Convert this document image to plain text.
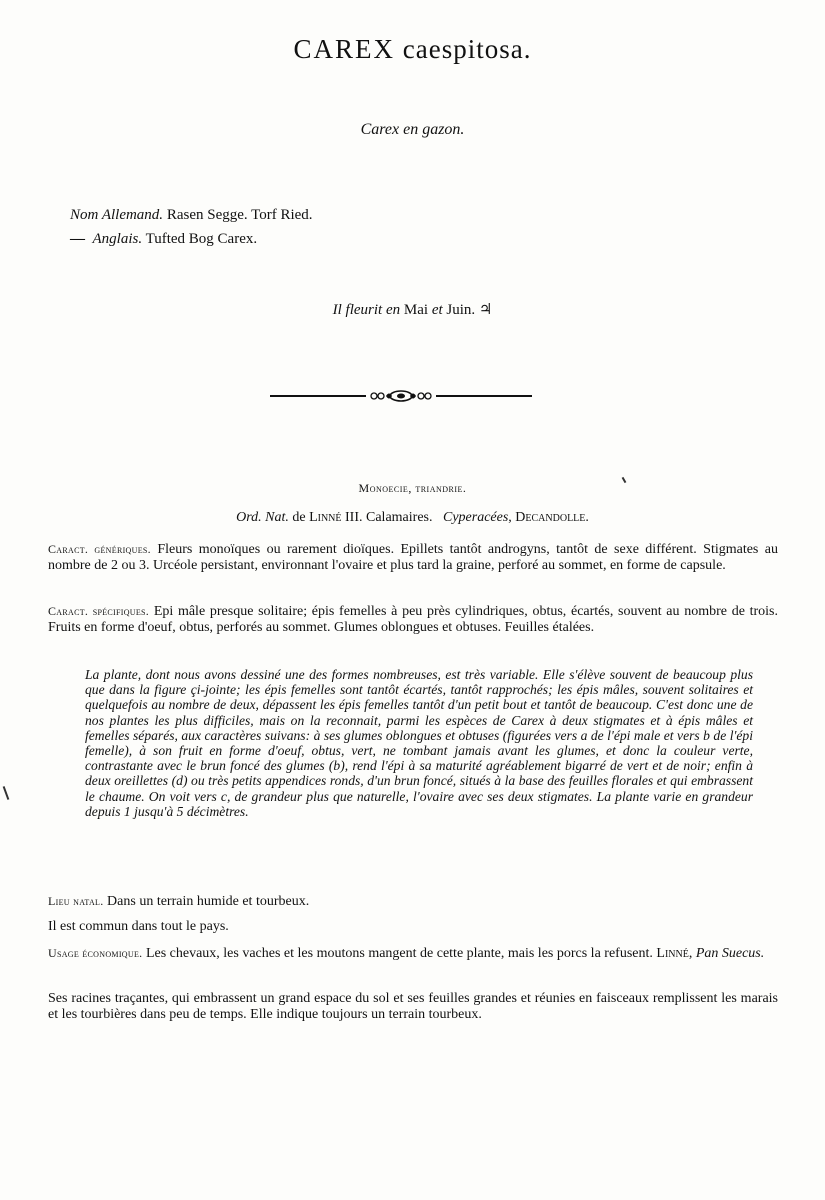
CAREX caespitosa.
Carex en gazon.
Nom Allemand. Rasen Segge. Torf Ried.
— Anglais. Tufted Bog Carex.
Il fleurit en Mai et Juin. ♃
Monoecie, triandrie.
Ord. Nat. de Linné III. Calamaires. Cyperacées, Decandolle.
Caract. génériques. Fleurs monoïques ou rarement dioïques. Epillets tantôt androgyns, tantôt de sexe différent. Stigmates au nombre de 2 ou 3. Urcéole persistant, environnant l'ovaire et plus tard la graine, perforé au sommet, en forme de capsule.
Caract. spécifiques. Epi mâle presque solitaire; épis femelles à peu près cylindriques, obtus, écartés, souvent au nombre de trois. Fruits en forme d'oeuf, obtus, perforés au sommet. Glumes oblongues et obtuses. Feuilles étalées.
La plante, dont nous avons dessiné une des formes nombreuses, est très variable. Elle s'élève souvent de beaucoup plus que dans la figure çi-jointe; les épis femelles sont tantôt écartés, tantôt rapprochés; les épis mâles, souvent solitaires et quelquefois au nombre de deux, dépassent les épis femelles tantôt d'un petit bout et tantôt de beaucoup. C'est donc une de nos plantes les plus difficiles, mais on la reconnait, parmi les espèces de Carex à deux stigmates et à épis mâles et femelles séparés, aux caractères suivans: à ses glumes oblongues et obtuses (figurées vers a de l'épi male et vers b de l'épi femelle), à son fruit en forme d'oeuf, obtus, vert, ne tombant jamais avant les glumes, et donc la couleur verte, contrastante avec le brun foncé des glumes (b), rend l'épi à sa maturité agréablement bigarré de vert et de noir; enfin à deux oreillettes (d) ou très petits appendices ronds, d'un brun foncé, situés à la base des feuilles florales et qui embrassent le chaume. On voit vers c, de grandeur plus que naturelle, l'ovaire avec ses deux stigmates. La plante varie en grandeur depuis 1 jusqu'à 5 décimètres.
Lieu natal. Dans un terrain humide et tourbeux.
Il est commun dans tout le pays.
Usage économique. Les chevaux, les vaches et les moutons mangent de cette plante, mais les porcs la refusent. Linné, Pan Suecus.
Ses racines traçantes, qui embrassent un grand espace du sol et ses feuilles grandes et réunies en faisceaux remplissent les marais et les tourbières dans peu de temps. Elle indique toujours un terrain tourbeux.
